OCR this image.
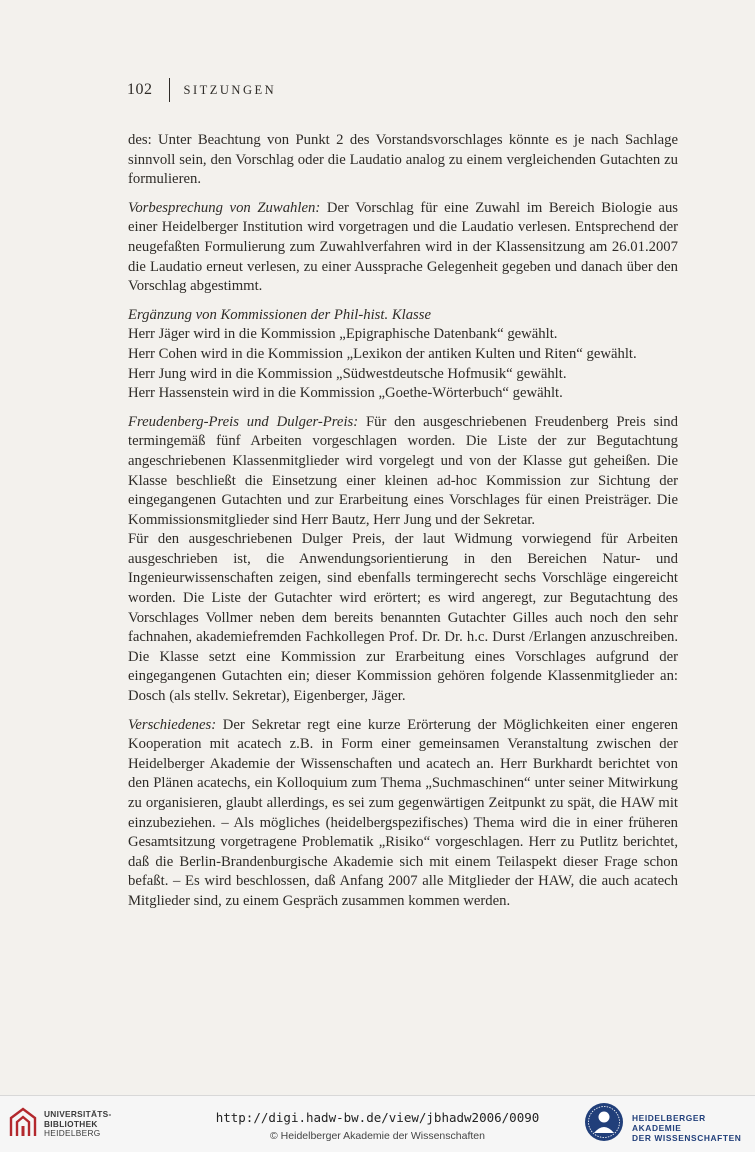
102 SITZUNGEN

des: Unter Beachtung von Punkt 2 des Vorstandsvorschlages könnte es je nach Sachlage sinnvoll sein, den Vorschlag oder die Laudatio analog zu einem vergleichenden Gutachten zu formulieren.

Vorbesprechung von Zuwahlen: Der Vorschlag für eine Zuwahl im Bereich Biologie aus einer Heidelberger Institution wird vorgetragen und die Laudatio verlesen. Entsprechend der neugefaßten Formulierung zum Zuwahlverfahren wird in der Klassensitzung am 26.01.2007 die Laudatio erneut verlesen, zu einer Aussprache Gelegenheit gegeben und danach über den Vorschlag abgestimmt.

Ergänzung von Kommissionen der Phil-hist. Klasse

Herr Jäger wird in die Kommission „Epigraphische Datenbank“ gewählt.

Herr Cohen wird in die Kommission „Lexikon der antiken Kulten und Riten“ gewählt.

Herr Jung wird in die Kommission „Südwestdeutsche Hofmusik“ gewählt.

Herr Hassenstein wird in die Kommission „Goethe-Wörterbuch“ gewählt.

Freudenberg-Preis und Dulger-Preis: Für den ausgeschriebenen Freudenberg Preis sind termingemäß fünf Arbeiten vorgeschlagen worden. Die Liste der zur Begutachtung angeschriebenen Klassenmitglieder wird vorgelegt und von der Klasse gut geheißen. Die Klasse beschließt die Einsetzung einer kleinen ad-hoc Kommission zur Sichtung der eingegangenen Gutachten und zur Erarbeitung eines Vorschlages für einen Preisträger. Die Kommissionsmitglieder sind Herr Bautz, Herr Jung und der Sekretar.

Für den ausgeschriebenen Dulger Preis, der laut Widmung vorwiegend für Arbeiten ausgeschrieben ist, die Anwendungsorientierung in den Bereichen Natur- und Ingenieurwissenschaften zeigen, sind ebenfalls termingerecht sechs Vorschläge eingereicht worden. Die Liste der Gutachter wird erörtert; es wird angeregt, zur Begutachtung des Vorschlages Vollmer neben dem bereits benannten Gutachter Gilles auch noch den sehr fachnahen, akademiefremden Fachkollegen Prof. Dr. Dr. h.c. Durst /Erlangen anzuschreiben. Die Klasse setzt eine Kommission zur Erarbeitung eines Vorschlages aufgrund der eingegangenen Gutachten ein; dieser Kommission gehören folgende Klassenmitglieder an: Dosch (als stellv. Sekretar), Eigenberger, Jäger.

Verschiedenes: Der Sekretar regt eine kurze Erörterung der Möglichkeiten einer engeren Kooperation mit acatech z.B. in Form einer gemeinsamen Veranstaltung zwischen der Heidelberger Akademie der Wissenschaften und acatech an. Herr Burkhardt berichtet von den Plänen acatechs, ein Kolloquium zum Thema „Suchmaschinen“ unter seiner Mitwirkung zu organisieren, glaubt allerdings, es sei zum gegenwärtigen Zeitpunkt zu spät, die HAW mit einzubeziehen. – Als mögliches (heidelbergspezifisches) Thema wird die in einer früheren Gesamtsitzung vorgetragene Problematik „Risiko“ vorgeschlagen. Herr zu Putlitz berichtet, daß die Berlin-Brandenburgische Akademie sich mit einem Teilaspekt dieser Frage schon befaßt. – Es wird beschlossen, daß Anfang 2007 alle Mitglieder der HAW, die auch acatech Mitglieder sind, zu einem Gespräch zusammen kommen werden.

UNIVERSITÄTS-
BIBLIOTHEK
HEIDELBERG
http://digi.hadw-bw.de/view/jbhadw2006/0090
© Heidelberger Akademie der Wissenschaften
HEIDELBERGER AKADEMIE
DER WISSENSCHAFTEN
